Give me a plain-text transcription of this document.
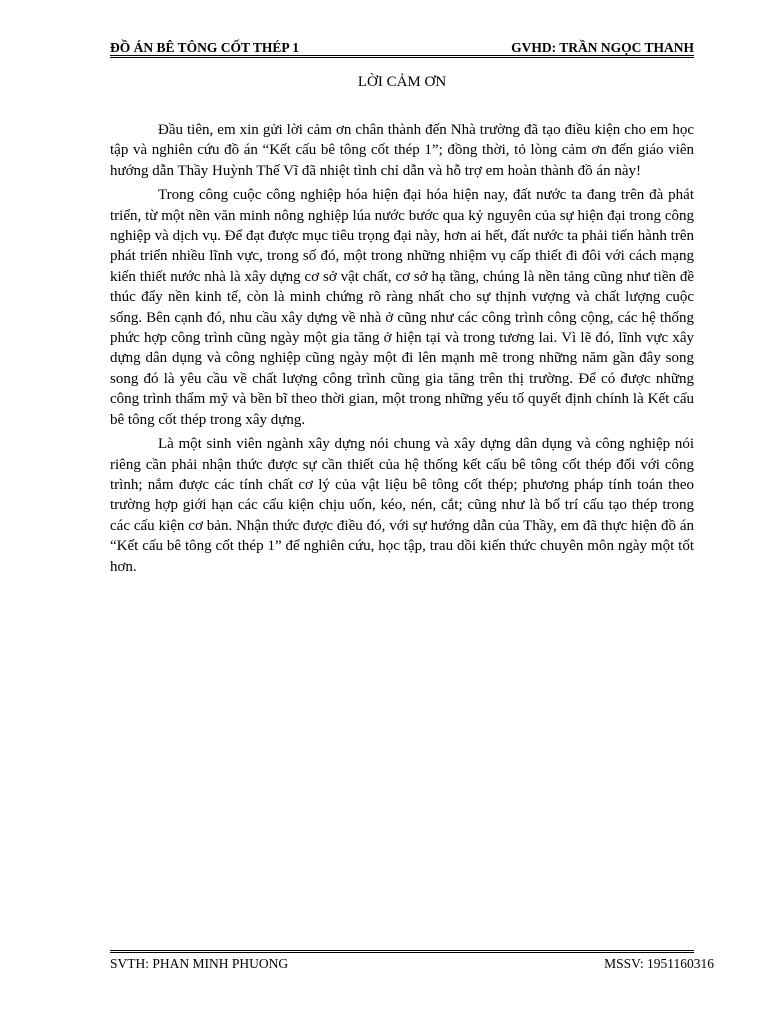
ĐỒ ÁN BÊ TÔNG CỐT THÉP 1	GVHD: TRẦN NGỌC THANH
LỜI CẢM ƠN

Đầu tiên, em xin gửi lời cảm ơn chân thành đến Nhà trường đã tạo điều kiện cho em học tập và nghiên cứu đồ án “Kết cấu bê tông cốt thép 1”; đồng thời, tỏ lòng cảm ơn đến giáo viên hướng dẫn Thầy Huỳnh Thế Vĩ đã nhiệt tình chỉ dẫn và hỗ trợ em hoàn thành đồ án này!

Trong công cuộc công nghiệp hóa hiện đại hóa hiện nay, đất nước ta đang trên đà phát triển, từ một nền văn minh nông nghiệp lúa nước bước qua kỷ nguyên của sự hiện đại trong công nghiệp và dịch vụ. Để đạt được mục tiêu trọng đại này, hơn ai hết, đất nước ta phải tiến hành trên phát triển nhiều lĩnh vực, trong số đó, một trong những nhiệm vụ cấp thiết đi đôi với cách mạng kiến thiết nước nhà là xây dựng cơ sở vật chất, cơ sở hạ tầng, chúng là nền tảng cũng như tiền đề thúc đẩy nền kinh tế, còn là minh chứng rõ ràng nhất cho sự thịnh vượng và chất lượng cuộc sống. Bên cạnh đó, nhu cầu xây dựng về nhà ở cũng như các công trình công cộng, các hệ thống phức hợp công trình cũng ngày một gia tăng ở hiện tại và trong tương lai. Vì lẽ đó, lĩnh vực xây dựng dân dụng và công nghiệp cũng ngày một đi lên mạnh mẽ trong những năm gần đây song song đó là yêu cầu về chất lượng công trình cũng gia tăng trên thị trường. Để có được những công trình thẩm mỹ và bền bĩ theo thời gian, một trong những yếu tố quyết định chính là Kết cấu bê tông cốt thép trong xây dựng.

Là một sinh viên ngành xây dựng nói chung và xây dựng dân dụng và công nghiệp nói riêng cần phải nhận thức được sự cần thiết của hệ thống kết cấu bê tông cốt thép đối với công trình; nắm được các tính chất cơ lý của vật liệu bê tông cốt thép; phương pháp tính toán theo trường hợp giới hạn các cấu kiện chịu uốn, kéo, nén, cắt; cũng như là bố trí cấu tạo thép trong các cấu kiện cơ bản. Nhận thức được điều đó, với sự hướng dẫn của Thầy, em đã thực hiện đồ án “Kết cấu bê tông cốt thép 1” để nghiên cứu, học tập, trau dồi kiến thức chuyên môn ngày một tốt hơn.

SVTH: PHAN MINH PHUONG	MSSV: 1951160316
